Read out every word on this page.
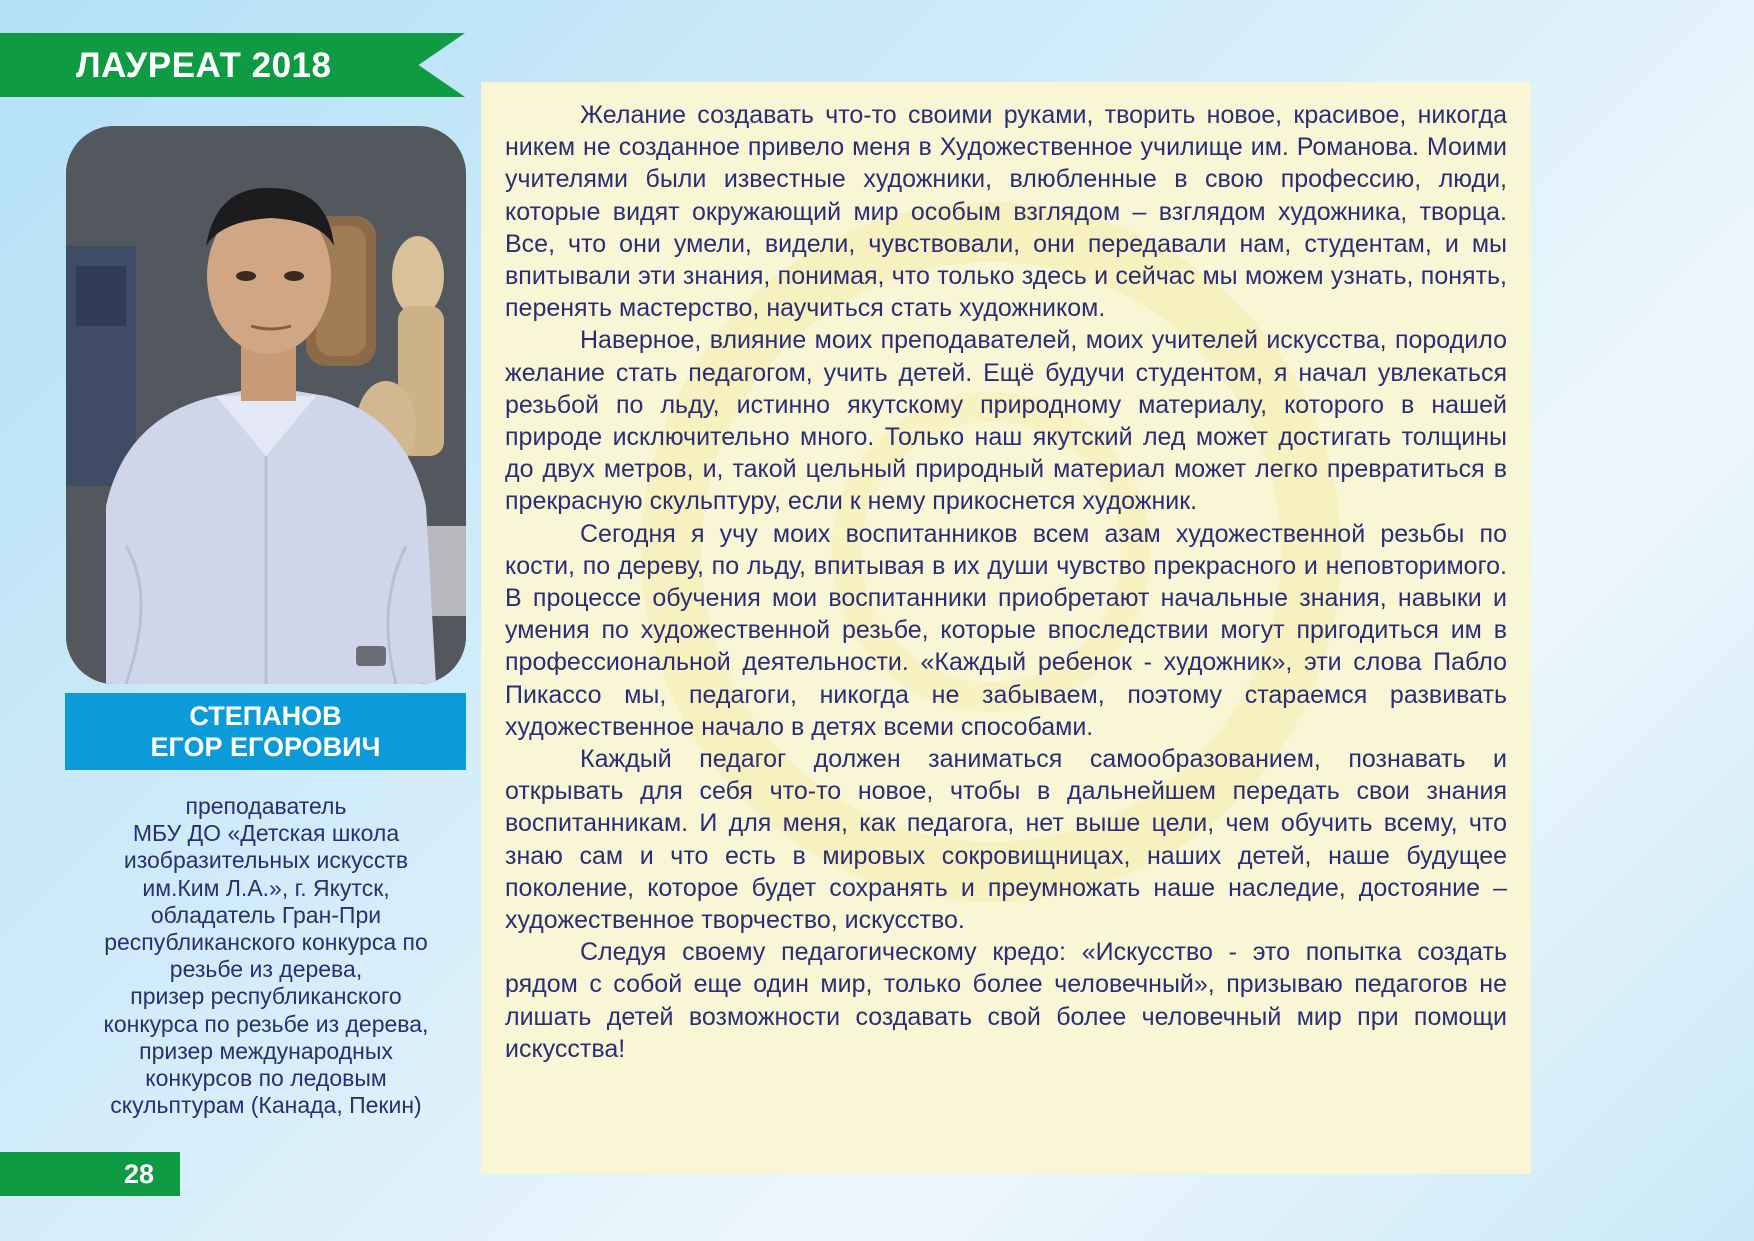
ЛАУРЕАТ 2018
СТЕПАНОВ
ЕГОР ЕГОРОВИЧ
преподаватель
МБУ ДО «Детская школа
изобразительных искусств
им.Ким Л.А.», г. Якутск,
обладатель Гран-При
республиканского конкурса по
резьбе из дерева,
призер республиканского
конкурса по резьбе из дерева,
призер международных
конкурсов по ледовым
скульптурам (Канада, Пекин)
28

Желание создавать что-то своими руками, творить новое, красивое, никогда никем не созданное привело меня в Художественное училище им. Романова. Моими учителями были известные художники, влюбленные в свою профессию, люди, которые видят окружающий мир особым взглядом – взглядом художника, творца. Все, что они умели, видели, чувствовали, они передавали нам, студентам, и мы впитывали эти знания, понимая, что только здесь и сейчас мы можем узнать, понять, перенять мастерство, научиться стать художником.

Наверное, влияние моих преподавателей, моих учителей искусства, породило желание стать педагогом, учить детей. Ещё будучи студентом, я начал увлекаться резьбой по льду, истинно якутскому природному материалу, которого в нашей природе исключительно много. Только наш якутский лед может достигать толщины до двух метров, и, такой цельный природный материал может легко превратиться в прекрасную скульптуру, если к нему прикоснется художник.

Сегодня я учу моих воспитанников всем азам художественной резьбы по кости, по дереву, по льду, впитывая в их души чувство прекрасного и неповторимого. В процессе обучения мои воспитанники приобретают начальные знания, навыки и умения по художественной резьбе, которые впоследствии могут пригодиться им в профессиональной деятельности. «Каждый ребенок - художник», эти слова Пабло Пикассо мы, педагоги, никогда не забываем, поэтому стараемся развивать художественное начало в детях всеми способами.

Каждый педагог должен заниматься самообразованием, познавать и открывать для себя что-то новое, чтобы в дальнейшем передать свои знания воспитанникам. И для меня, как педагога, нет выше цели, чем обучить всему, что знаю сам и что есть в мировых сокровищницах, наших детей, наше будущее поколение, которое будет сохранять и преумножать наше наследие, достояние – художественное творчество, искусство.

Следуя своему педагогическому кредо: «Искусство - это попытка создать рядом с собой еще один мир, только более человечный», призываю педагогов не лишать детей возможности создавать свой более человечный мир при помощи искусства!
